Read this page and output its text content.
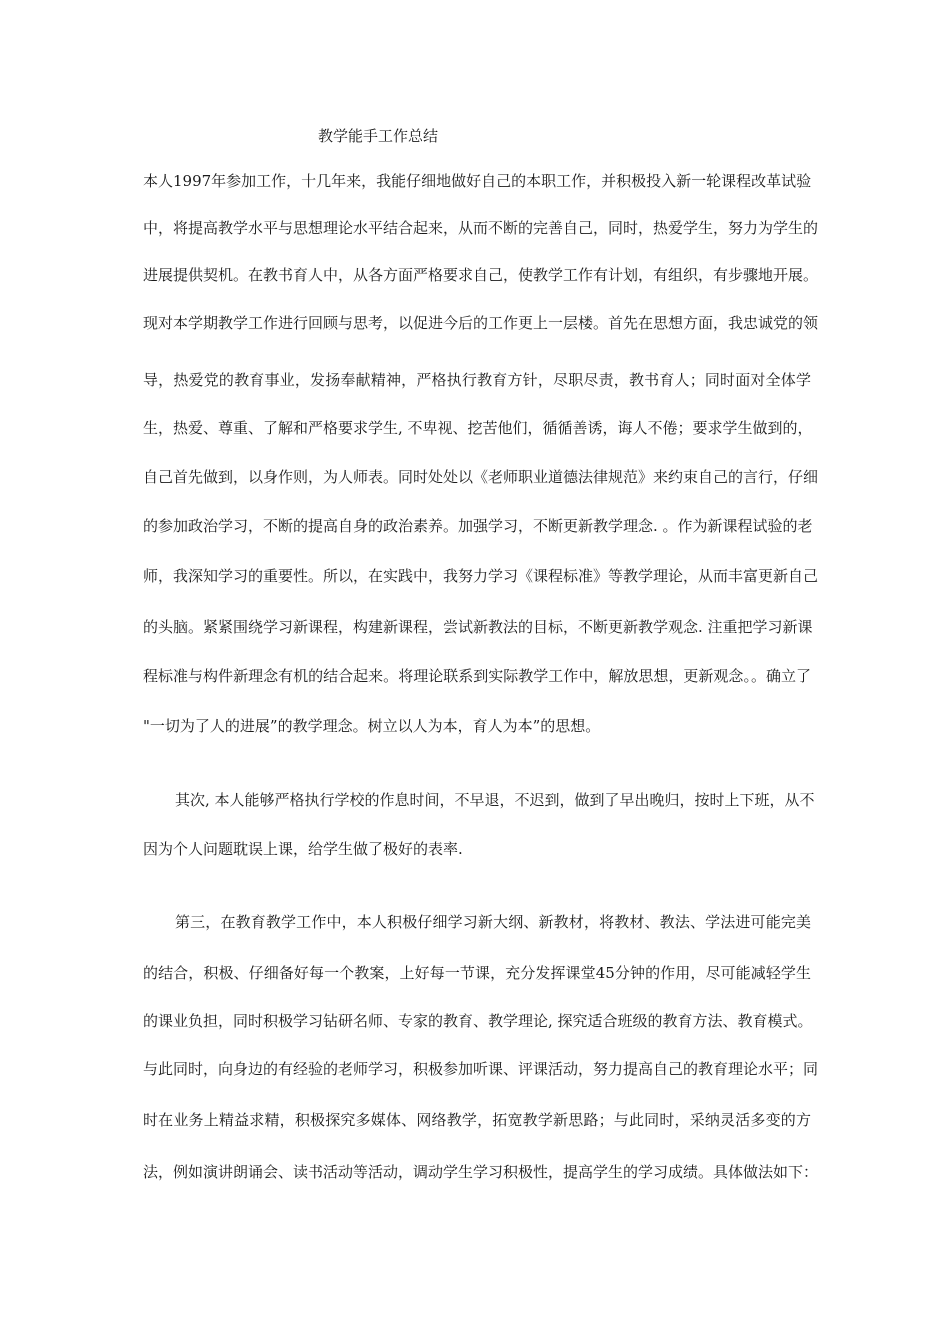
教学能手工作总结
本人1997年参加工作，十几年来，我能仔细地做好自己的本职工作，并积极投入新一轮课程改革试验
中，将提高教学水平与思想理论水平结合起来，从而不断的完善自己，同时，热爱学生，努力为学生的
进展提供契机。在教书育人中，从各方面严格要求自己，使教学工作有计划，有组织，有步骤地开展。
现对本学期教学工作进行回顾与思考，以促进今后的工作更上一层楼。首先在思想方面，我忠诚党的领
导，热爱党的教育事业，发扬奉献精神，严格执行教育方针，尽职尽责，教书育人；同时面对全体学
生，热爱、尊重、了解和严格要求学生, 不卑视、挖苦他们，循循善诱，诲人不倦；要求学生做到的，
自己首先做到，以身作则，为人师表。同时处处以《老师职业道德法律规范》来约束自己的言行，仔细
的参加政治学习，不断的提高自身的政治素养。加强学习，不断更新教学理念. 。作为新课程试验的老
师，我深知学习的重要性。所以，在实践中，我努力学习《课程标准》等教学理论，从而丰富更新自己
的头脑。紧紧围绕学习新课程，构建新课程，尝试新教法的目标，不断更新教学观念. 注重把学习新课
程标准与构件新理念有机的结合起来。将理论联系到实际教学工作中，解放思想，更新观念。。确立了
"一切为了人的进展”的教学理念。树立以人为本，育人为本”的思想。
其次, 本人能够严格执行学校的作息时间，不早退，不迟到，做到了早出晚归，按时上下班，从不
因为个人问题耽误上课，给学生做了极好的表率.
第三，在教育教学工作中，本人积极仔细学习新大纲、新教材，将教材、教法、学法进可能完美
的结合，积极、仔细备好每一个教案，上好每一节课，充分发挥课堂45分钟的作用，尽可能减轻学生
的课业负担，同时积极学习钻研名师、专家的教育、教学理论, 探究适合班级的教育方法、教育模式。
与此同时，向身边的有经验的老师学习，积极参加听课、评课活动，努力提高自己的教育理论水平；同
时在业务上精益求精，积极探究多媒体、网络教学，拓宽教学新思路；与此同时，采纳灵活多变的方
法，例如演讲朗诵会、读书活动等活动，调动学生学习积极性，提高学生的学习成绩。具体做法如下：
